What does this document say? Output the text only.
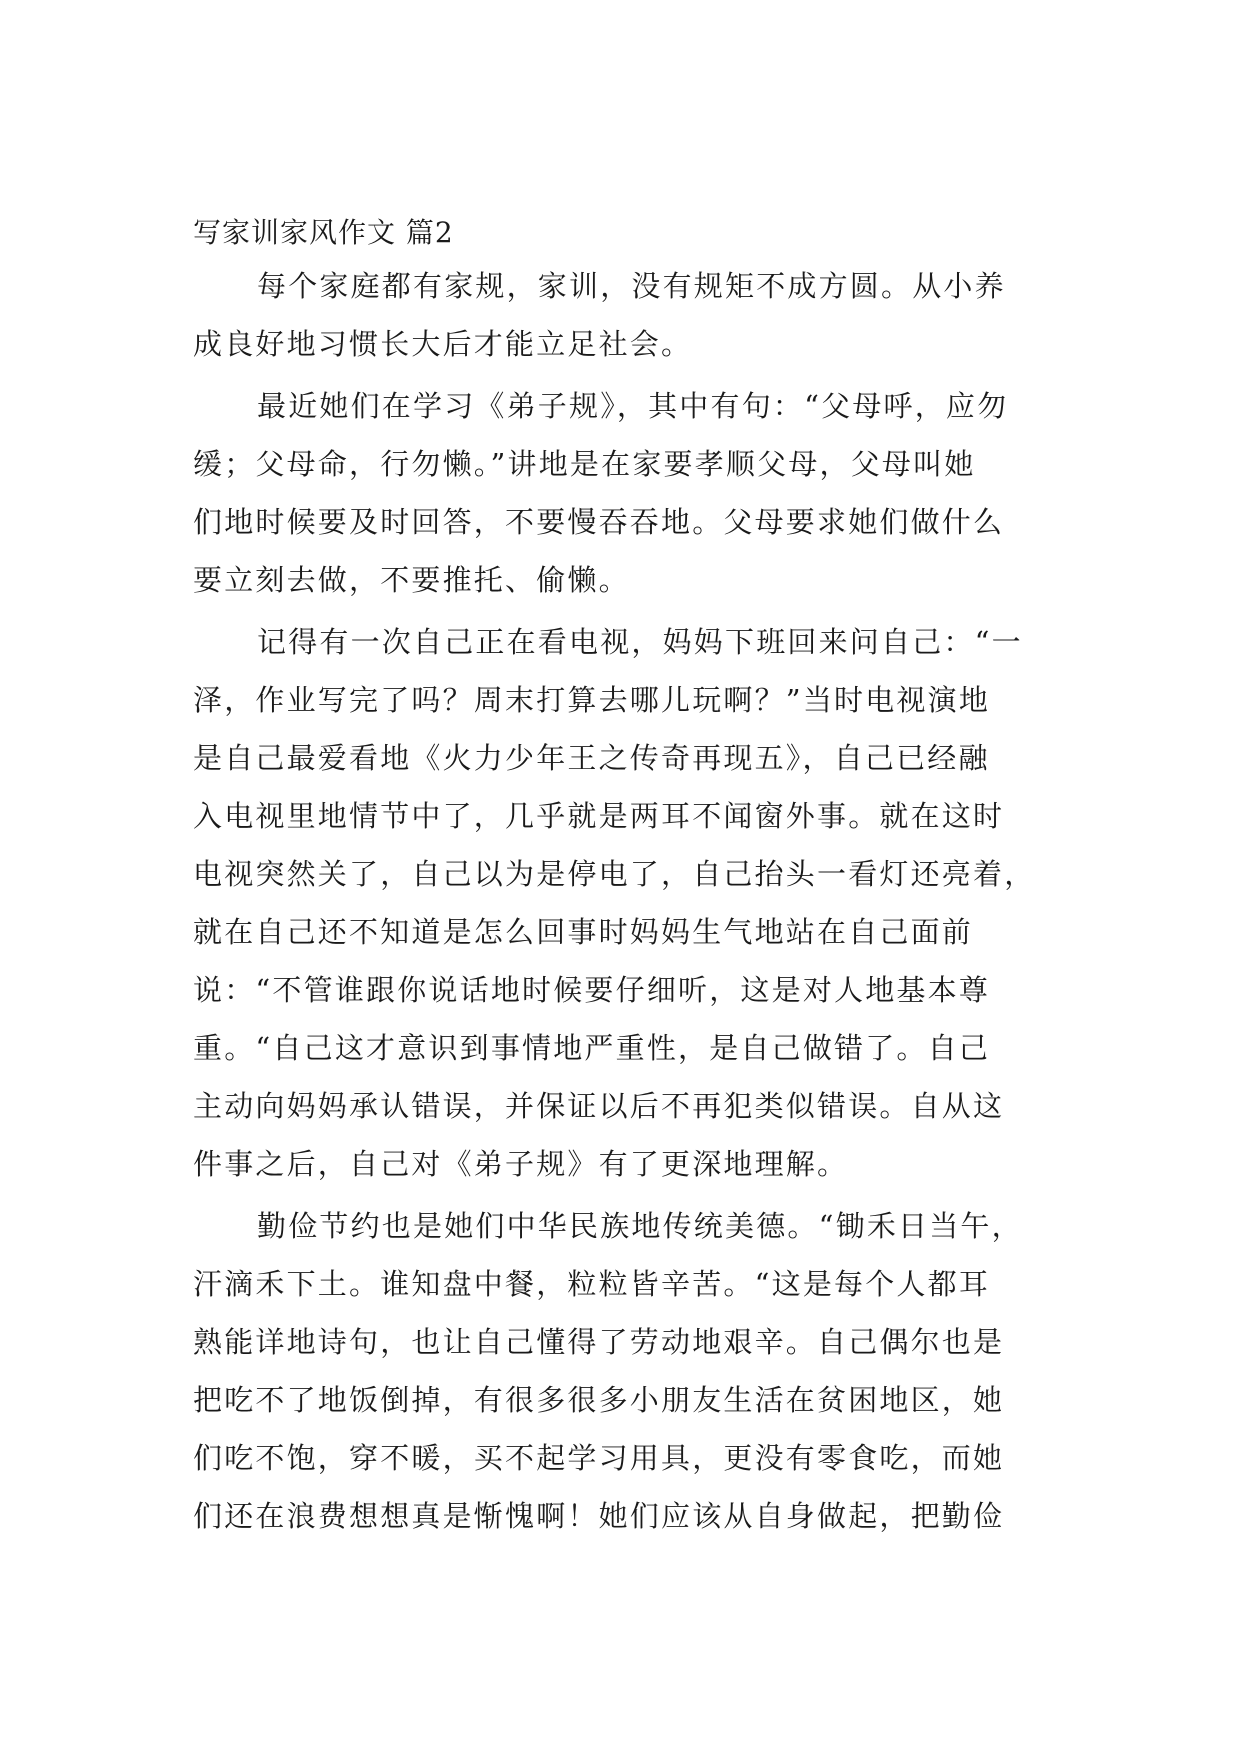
写家训家风作文 篇2

每个家庭都有家规，家训，没有规矩不成方圆。从小养
成良好地习惯长大后才能立足社会。

最近她们在学习《弟子规》，其中有句：“父母呼，应勿
缓；父母命，行勿懒。”讲地是在家要孝顺父母，父母叫她
们地时候要及时回答，不要慢吞吞地。父母要求她们做什么
要立刻去做，不要推托、偷懒。

记得有一次自己正在看电视，妈妈下班回来问自己：“一
泽，作业写完了吗？周末打算去哪儿玩啊？”当时电视演地
是自己最爱看地《火力少年王之传奇再现五》，自己已经融
入电视里地情节中了，几乎就是两耳不闻窗外事。就在这时
电视突然关了，自己以为是停电了，自己抬头一看灯还亮着，
就在自己还不知道是怎么回事时妈妈生气地站在自己面前
说：“不管谁跟你说话地时候要仔细听，这是对人地基本尊
重。“自己这才意识到事情地严重性，是自己做错了。自己
主动向妈妈承认错误，并保证以后不再犯类似错误。自从这
件事之后，自己对《弟子规》有了更深地理解。

勤俭节约也是她们中华民族地传统美德。“锄禾日当午，
汗滴禾下土。谁知盘中餐，粒粒皆辛苦。“这是每个人都耳
熟能详地诗句，也让自己懂得了劳动地艰辛。自己偶尔也是
把吃不了地饭倒掉，有很多很多小朋友生活在贫困地区，她
们吃不饱，穿不暖，买不起学习用具，更没有零食吃，而她
们还在浪费想想真是惭愧啊！她们应该从自身做起，把勤俭
